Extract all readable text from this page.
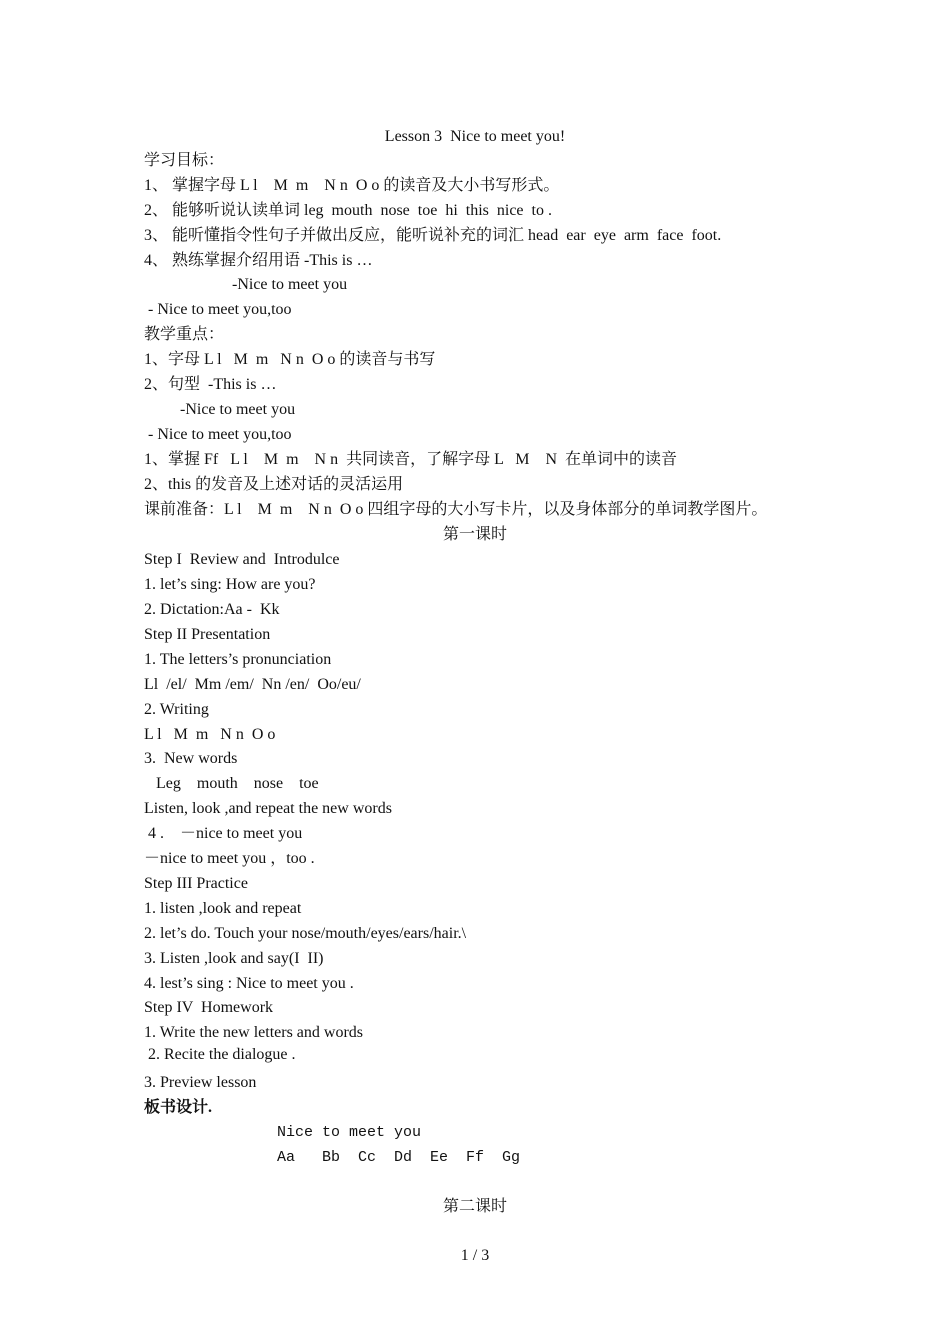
Lesson 3  Nice to meet you!
学习目标：
1、 掌握字母 L l    M  m    N n  O o 的读音及大小书写形式。
2、 能够听说认读单词 leg  mouth  nose  toe  hi  this  nice  to .
3、 能听懂指令性句子并做出反应，能听说补充的词汇 head  ear  eye  arm  face  foot.
4、 熟练掌握介绍用语 -This is …
-Nice to meet you
- Nice to meet you,too
教学重点：
1、字母 L l   M  m   N n  O o 的读音与书写
2、句型  -This is …
-Nice to meet you
- Nice to meet you,too
1、掌握 Ff   L l    M  m    N n  共同读音，了解字母 L   M    N  在单词中的读音
2、this 的发音及上述对话的灵活运用
课前准备：L l    M  m    N n  O o 四组字母的大小写卡片，以及身体部分的单词教学图片。
第一课时
Step I  Review and  Introdulce
1. let’s sing: How are you?
2. Dictation:Aa -  Kk
Step II Presentation
1. The letters’s pronunciation
Ll  /el/  Mm /em/  Nn /en/  Oo/eu/
2. Writing
L l   M  m   N n  O o
3.  New words
Leg    mouth    nose    toe
Listen, look ,and repeat the new words
4 .    －nice to meet you
－nice to meet you ，too .
Step III Practice
1. listen ,look and repeat
2. let’s do. Touch your nose/mouth/eyes/ears/hair.\
3. Listen ,look and say(I  II)
4. lest’s sing : Nice to meet you .
Step IV  Homework
1. Write the new letters and words
2. Recite the dialogue .
3. Preview lesson
板书设计.
Nice to meet you
Aa   Bb  Cc  Dd  Ee  Ff  Gg
第二课时
1 / 3
